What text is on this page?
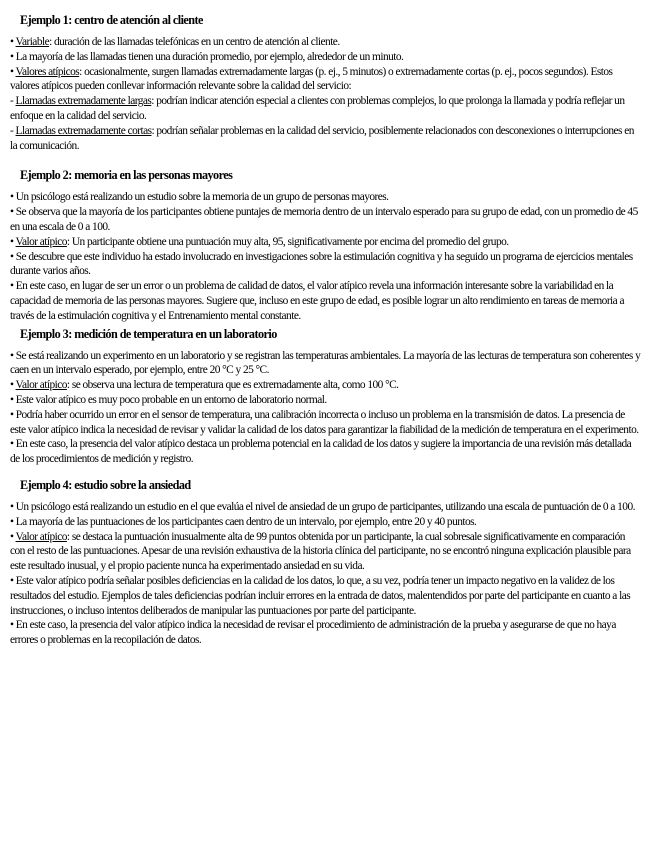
Ejemplo 1: centro de atención al cliente

• Variable: duración de las llamadas telefónicas en un centro de atención al cliente.

• La mayoría de las llamadas tienen una duración promedio, por ejemplo, alrededor de un minuto.

• Valores atípicos: ocasionalmente, surgen llamadas extremadamente largas (p. ej., 5 minutos) o extremadamente cortas (p. ej., pocos segundos). Estos valores atípicos pueden conllevar información relevante sobre la calidad del servicio:

- Llamadas extremadamente largas: podrían indicar atención especial a clientes con problemas complejos, lo que prolonga la llamada y podría reflejar un enfoque en la calidad del servicio.

- Llamadas extremadamente cortas: podrían señalar problemas en la calidad del servicio, posiblemente relacionados con desconexiones o interrupciones en la comunicación.

Ejemplo 2: memoria en las personas mayores

• Un psicólogo está realizando un estudio sobre la memoria de un grupo de personas mayores.

• Se observa que la mayoría de los participantes obtiene puntajes de memoria dentro de un intervalo esperado para su grupo de edad, con un promedio de 45 en una escala de 0 a 100.

• Valor atípico: Un participante obtiene una puntuación muy alta, 95, significativamente por encima del promedio del grupo.

• Se descubre que este individuo ha estado involucrado en investigaciones sobre la estimulación cognitiva y ha seguido un programa de ejercicios mentales durante varios años.

• En este caso, en lugar de ser un error o un problema de calidad de datos, el valor atípico revela una información interesante sobre la variabilidad en la capacidad de memoria de las personas mayores. Sugiere que, incluso en este grupo de edad, es posible lograr un alto rendimiento en tareas de memoria a través de la estimulación cognitiva y el Entrenamiento mental constante.

Ejemplo 3: medición de temperatura en un laboratorio

• Se está realizando un experimento en un laboratorio y se registran las temperaturas ambientales. La mayoría de las lecturas de temperatura son coherentes y caen en un intervalo esperado, por ejemplo, entre 20 °C y 25 °C.

• Valor atípico: se observa una lectura de temperatura que es extremadamente alta, como 100 °C.

• Este valor atípico es muy poco probable en un entorno de laboratorio normal.

• Podría haber ocurrido un error en el sensor de temperatura, una calibración incorrecta o incluso un problema en la transmisión de datos. La presencia de este valor atípico indica la necesidad de revisar y validar la calidad de los datos para garantizar la fiabilidad de la medición de temperatura en el experimento.

• En este caso, la presencia del valor atípico destaca un problema potencial en la calidad de los datos y sugiere la importancia de una revisión más detallada de los procedimientos de medición y registro.

Ejemplo 4: estudio sobre la ansiedad

• Un psicólogo está realizando un estudio en el que evalúa el nivel de ansiedad de un grupo de participantes, utilizando una escala de puntuación de 0 a 100.

• La mayoría de las puntuaciones de los participantes caen dentro de un intervalo, por ejemplo, entre 20 y 40 puntos.

• Valor atípico: se destaca la puntuación inusualmente alta de 99 puntos obtenida por un participante, la cual sobresale significativamente en comparación con el resto de las puntuaciones. Apesar de una revisión exhaustiva de la historia clínica del participante, no se encontró ninguna explicación plausible para este resultado inusual, y el propio paciente nunca ha experimentado ansiedad en su vida.

• Este valor atípico podría señalar posibles deficiencias en la calidad de los datos, lo que, a su vez, podría tener un impacto negativo en la validez de los resultados del estudio. Ejemplos de tales deficiencias podrían incluir errores en la entrada de datos, malentendidos por parte del participante en cuanto a las instrucciones, o incluso intentos deliberados de manipular las puntuaciones por parte del participante.

• En este caso, la presencia del valor atípico indica la necesidad de revisar el procedimiento de administración de la prueba y asegurarse de que no haya errores o problemas en la recopilación de datos.
